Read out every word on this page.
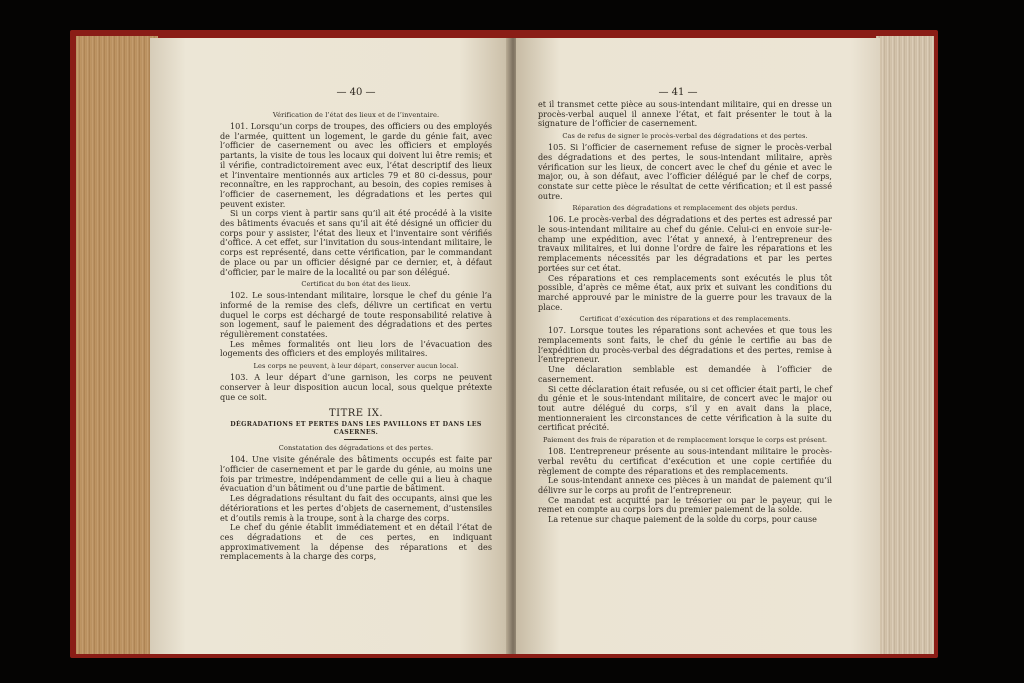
— 40 —
Vérification de l’état des lieux et de l’inventaire.

101. Lorsqu’un corps de troupes, des officiers ou des employés de l’armée, quittent un logement, le garde du génie fait, avec l’officier de casernement ou avec les officiers et employés partants, la visite de tous les locaux qui doivent lui être remis; et il vérifie, contradictoirement avec eux, l’état descriptif des lieux et l’inventaire mentionnés aux articles 79 et 80 ci-dessus, pour reconnaître, en les rapprochant, au besoin, des copies remises à l’officier de casernement, les dégradations et les pertes qui peuvent exister.

Si un corps vient à partir sans qu’il ait été procédé à la visite des bâtiments évacués et sans qu’il ait été désigné un officier du corps pour y assister, l’état des lieux et l’inventaire sont vérifiés d’office. A cet effet, sur l’invitation du sous-intendant militaire, le corps est représenté, dans cette vérification, par le commandant de place ou par un officier désigné par ce dernier, et, à défaut d’officier, par le maire de la localité ou par son délégué.

Certificat du bon état des lieux.

102. Le sous-intendant militaire, lorsque le chef du génie l’a informé de la remise des clefs, délivre un certificat en vertu duquel le corps est déchargé de toute responsabilité relative à son logement, sauf le paiement des dégradations et des pertes régulièrement constatées.

Les mêmes formalités ont lieu lors de l’évacuation des logements des officiers et des employés militaires.

Les corps ne peuvent, à leur départ, conserver aucun local.

103. A leur départ d’une garnison, les corps ne peuvent conserver à leur disposition aucun local, sous quelque prétexte que ce soit.

TITRE IX.
DÉGRADATIONS ET PERTES DANS LES PAVILLONS ET DANS LES CASERNES.
Constatation des dégradations et des pertes.

104. Une visite générale des bâtiments occupés est faite par l’officier de casernement et par le garde du génie, au moins une fois par trimestre, indépendamment de celle qui a lieu à chaque évacuation d’un bâtiment ou d’une partie de bâtiment.

Les dégradations résultant du fait des occupants, ainsi que les détériorations et les pertes d’objets de casernement, d’ustensiles et d’outils remis à la troupe, sont à la charge des corps.

Le chef du génie établit immédiatement et en détail l’état de ces dégradations et de ces pertes, en indiquant approximativement la dépense des réparations et des remplacements à la charge des corps,

— 41 —

et il transmet cette pièce au sous-intendant militaire, qui en dresse un procès-verbal auquel il annexe l’état, et fait présenter le tout à la signature de l’officier de casernement.

Cas de refus de signer le procès-verbal des dégradations et des pertes.

105. Si l’officier de casernement refuse de signer le procès-verbal des dégradations et des pertes, le sous-intendant militaire, après vérification sur les lieux, de concert avec le chef du génie et avec le major, ou, à son défaut, avec l’officier délégué par le chef de corps, constate sur cette pièce le résultat de cette vérification; et il est passé outre.

Réparation des dégradations et remplacement des objets perdus.

106. Le procès-verbal des dégradations et des pertes est adressé par le sous-intendant militaire au chef du génie. Celui-ci en envoie sur-le-champ une expédition, avec l’état y annexé, à l’entrepreneur des travaux militaires, et lui donne l’ordre de faire les réparations et les remplacements nécessités par les dégradations et par les pertes portées sur cet état.

Ces réparations et ces remplacements sont exécutés le plus tôt possible, d’après ce même état, aux prix et suivant les conditions du marché approuvé par le ministre de la guerre pour les travaux de la place.

Certificat d’exécution des réparations et des remplacements.

107. Lorsque toutes les réparations sont achevées et que tous les remplacements sont faits, le chef du génie le certifie au bas de l’expédition du procès-verbal des dégradations et des pertes, remise à l’entrepreneur.

Une déclaration semblable est demandée à l’officier de casernement.

Si cette déclaration était refusée, ou si cet officier était parti, le chef du génie et le sous-intendant militaire, de concert avec le major ou tout autre délégué du corps, s’il y en avait dans la place, mentionneraient les circonstances de cette vérification à la suite du certificat précité.

Paiement des frais de réparation et de remplacement lorsque le corps est présent.

108. L’entrepreneur présente au sous-intendant militaire le procès-verbal revêtu du certificat d’exécution et une copie certifiée du règlement de compte des réparations et des remplacements.

Le sous-intendant annexe ces pièces à un mandat de paiement qu’il délivre sur le corps au profit de l’entrepreneur.

Ce mandat est acquitté par le trésorier ou par le payeur, qui le remet en compte au corps lors du premier paiement de la solde.

La retenue sur chaque paiement de la solde du corps, pour cause
